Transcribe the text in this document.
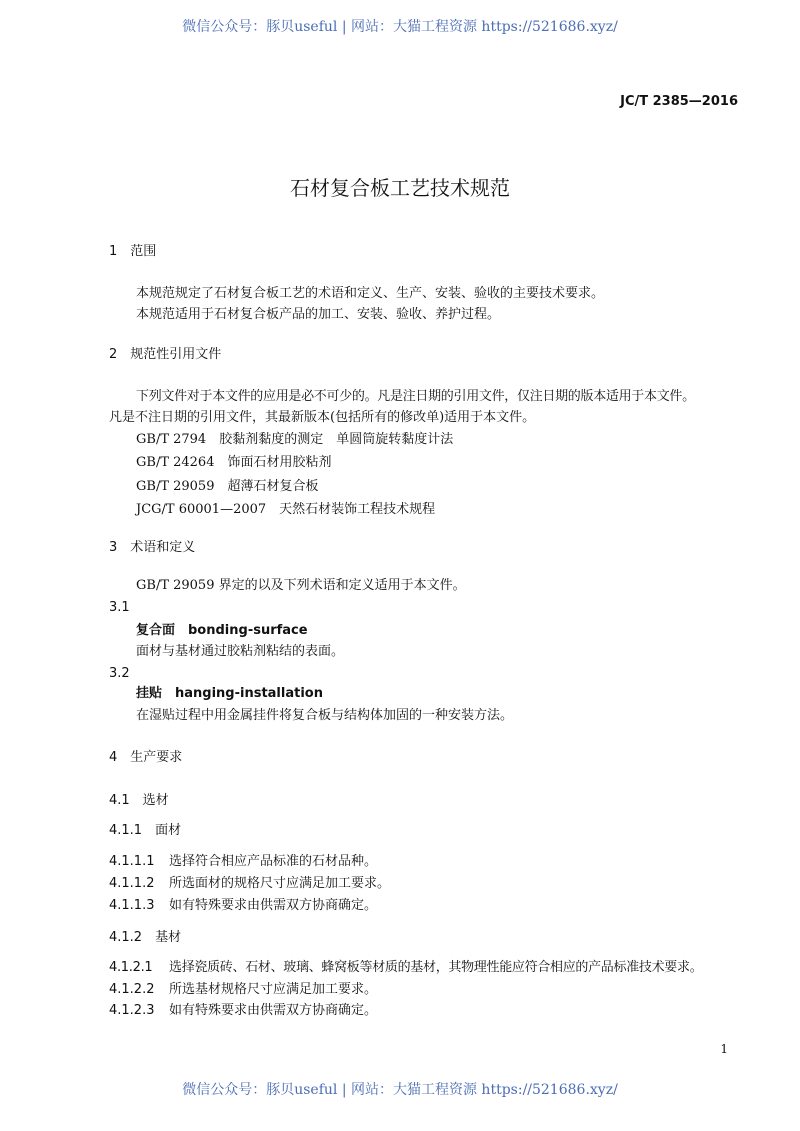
微信公众号：豚贝useful | 网站：大猫工程资源 https://521686.xyz/
JC/T 2385—2016
石材复合板工艺技术规范
1　范围
本规范规定了石材复合板工艺的术语和定义、生产、安装、验收的主要技术要求。
本规范适用于石材复合板产品的加工、安装、验收、养护过程。
2　规范性引用文件
下列文件对于本文件的应用是必不可少的。凡是注日期的引用文件，仅注日期的版本适用于本文件。
凡是不注日期的引用文件，其最新版本(包括所有的修改单)适用于本文件。
GB/T 2794　胶黏剂黏度的测定　单圆筒旋转黏度计法
GB/T 24264　饰面石材用胶粘剂
GB/T 29059　超薄石材复合板
JCG/T 60001—2007　天然石材装饰工程技术规程
3　术语和定义
GB/T 29059 界定的以及下列术语和定义适用于本文件。
3.1
复合面　bonding-surface
面材与基材通过胶粘剂粘结的表面。
3.2
挂贴　hanging-installation
在湿贴过程中用金属挂件将复合板与结构体加固的一种安装方法。
4　生产要求
4.1　选材
4.1.1　面材
4.1.1.1 选择符合相应产品标准的石材品种。
4.1.1.2 所选面材的规格尺寸应满足加工要求。
4.1.1.3 如有特殊要求由供需双方协商确定。
4.1.2　基材
4.1.2.1 选择瓷质砖、石材、玻璃、蜂窝板等材质的基材，其物理性能应符合相应的产品标准技术要求。
4.1.2.2 所选基材规格尺寸应满足加工要求。
4.1.2.3 如有特殊要求由供需双方协商确定。
1
微信公众号：豚贝useful | 网站：大猫工程资源 https://521686.xyz/
